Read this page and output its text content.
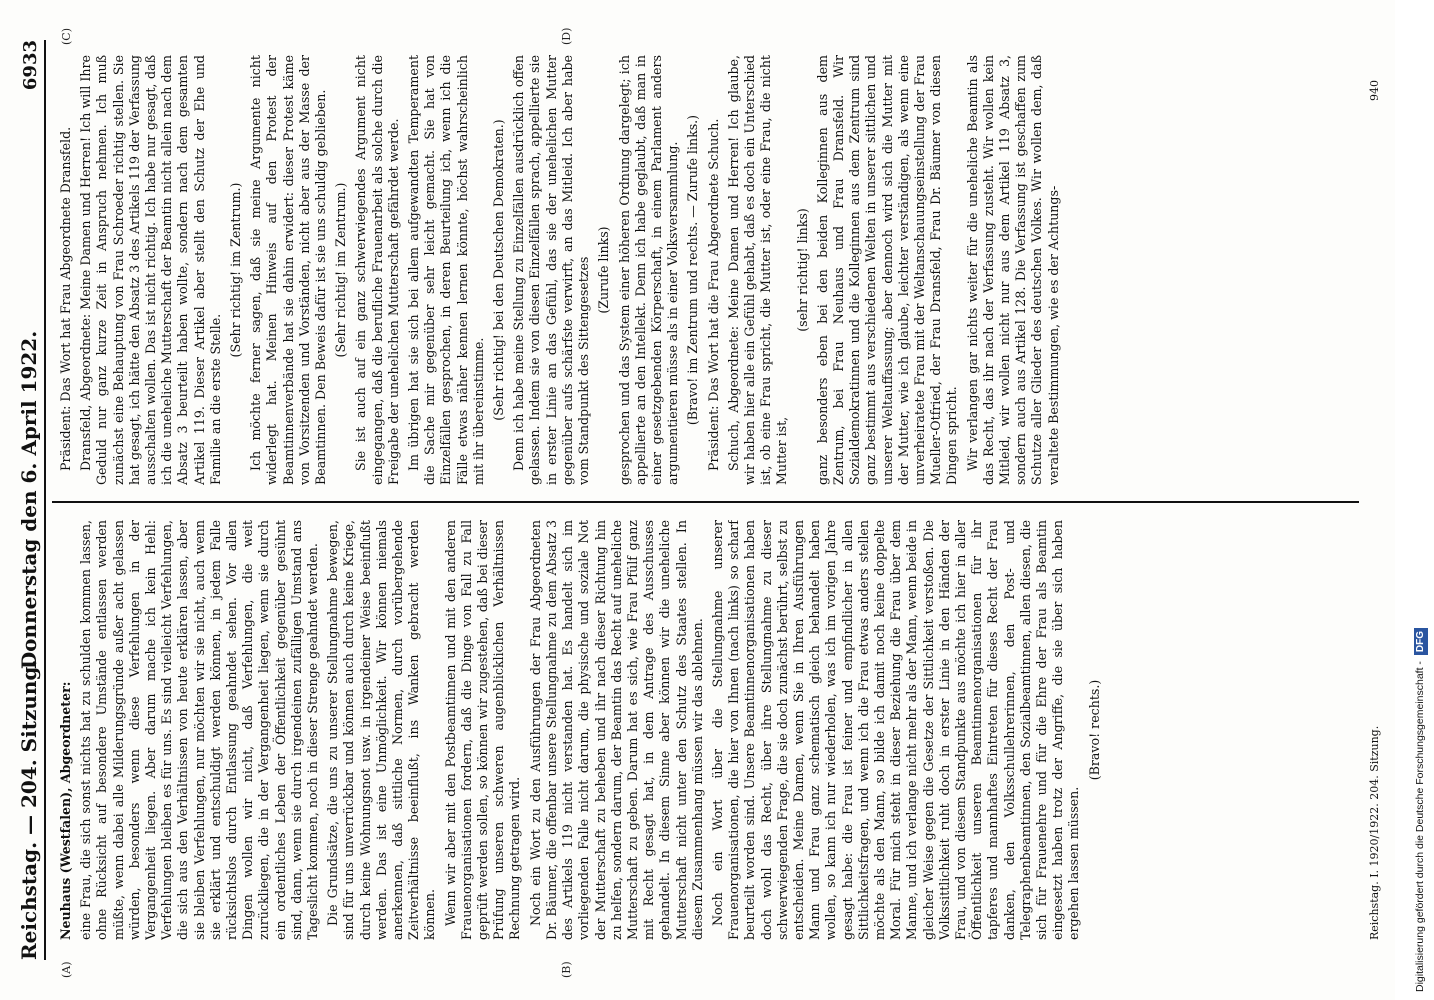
Reichstag. — 204. Sitzung.
Donnerstag den 6. April 1922.
6933
(A)	(B)
(C)	(D)

Neuhaus (Westfalen), Abgeordneter: eine Frau, die sich sonst nichts hat zu schulden kommen lassen, ohne Rücksicht auf besondere Umstände entlassen werden müßte, wenn dabei alle Milderungsgründe außer acht gelassen würden, besonders wenn diese Verfehlungen in der Vergangenheit liegen. Aber darum mache ich kein Hehl: Verfehlungen bleiben es für uns. Es sind vielleicht Verfehlungen, die sich aus den Verhältnissen von heute erklären lassen, aber sie bleiben Verfehlungen, nur möchten wir sie nicht, auch wenn sie erklärt und entschuldigt werden können, in jedem Falle rücksichtslos durch Entlassung geahndet sehen. Vor allen Dingen wollen wir nicht, daß Verfehlungen, die weit zurückliegen, die in der Vergangenheit liegen, wenn sie durch ein ordentliches Leben der Öffentlichkeit gegenüber gesühnt sind, dann, wenn sie durch irgendeinen zufälligen Umstand ans Tageslicht kommen, noch in dieser Strenge geahndet werden. Die Grundsätze, die uns zu unserer Stellungnahme bewegen, sind für uns unverrückbar und können auch durch keine Kriege, durch keine Wohnungsnot usw. in irgendeiner Weise beeinflußt werden. Das ist eine Unmöglichkeit. Wir können niemals anerkennen, daß sittliche Normen, durch vorübergehende Zeitverhältnisse beeinflußt, ins Wanken gebracht werden können. Wenn wir aber mit den Postbeamtinnen und mit den anderen Frauenorganisationen fordern, daß die Dinge von Fall zu Fall geprüft werden sollen, so können wir zugestehen, daß bei dieser Prüfung unseren schweren augenblicklichen Verhältnissen Rechnung getragen wird. Noch ein Wort zu den Ausführungen der Frau Abgeordneten Dr. Bäumer, die offenbar unsere Stellungnahme zu dem Absatz 3 des Artikels 119 nicht verstanden hat. Es handelt sich im vorliegenden Falle nicht darum, die physische und soziale Not der Mutterschaft zu beheben und ihr nach dieser Richtung hin zu helfen, sondern darum, der Beamtin das Recht auf uneheliche Mutterschaft zu geben. Darum hat es sich, wie Frau Pfülf ganz mit Recht gesagt hat, in dem Antrage des Ausschusses gehandelt. In diesem Sinne aber können wir die uneheliche Mutterschaft nicht unter den Schutz des Staates stellen. In diesem Zusammenhang müssen wir das ablehnen. Noch ein Wort über die Stellungnahme unserer Frauenorganisationen, die hier von Ihnen (nach links) so scharf beurteilt worden sind. Unsere Beamtinnenorganisationen haben doch wohl das Recht, über ihre Stellungnahme zu dieser schwerwiegenden Frage, die sie doch zunächst berührt, selbst zu entscheiden. Meine Damen, wenn Sie in Ihren Ausführungen Mann und Frau ganz schematisch gleich behandelt haben wollen, so kann ich nur wiederholen, was ich im vorigen Jahre gesagt habe: die Frau ist feiner und empfindlicher in allen Sittlichkeitsfragen, und wenn ich die Frau etwas anders stellen möchte als den Mann, so bilde ich damit noch keine doppelte Moral. Für mich steht in dieser Beziehung die Frau über dem Manne, und ich verlange nicht mehr als der Mann, wenn beide in gleicher Weise gegen die Gesetze der Sittlichkeit verstoßen. Die Volkssittlichkeit ruht doch in erster Linie in den Händen der Frau, und von diesem Standpunkte aus möchte ich hier in aller Öffentlichkeit unseren Beamtinnenorganisationen für ihr tapferes und mannhaftes Eintreten für dieses Recht der Frau danken, den Volksschullehrerinnen, den Post- und Telegraphenbeamtinnen, den Sozialbeamtinnen, allen diesen, die sich für Frauenehre und für die Ehre der Frau als Beamtin eingesetzt haben trotz der Angriffe, die sie über sich haben ergehen lassen müssen.

(Bravo! rechts.)

Präsident: Das Wort hat Frau Abgeordnete Dransfeld. Dransfeld, Abgeordnete: Meine Damen und Herren! Ich will Ihre Geduld nur ganz kurze Zeit in Anspruch nehmen. Ich muß zunächst eine Behauptung von Frau Schroeder richtig stellen. Sie hat gesagt, ich hätte den Absatz 3 des Artikels 119 der Verfassung ausschalten wollen. Das ist nicht richtig. Ich habe nur gesagt, daß ich die uneheliche Mutterschaft der Beamtin nicht allein nach dem Absatz 3 beurteilt haben wollte, sondern nach dem gesamten Artikel 119. Dieser Artikel aber stellt den Schutz der Ehe und Familie an die erste Stelle.

(Sehr richtig! im Zentrum.) Ich möchte ferner sagen, daß sie meine Argumente nicht widerlegt hat. Meinen Hinweis auf den Protest der Beamtinnenverbände hat sie dahin erwidert: dieser Protest käme von Vorsitzenden und Vorständen, nicht aber aus der Masse der Beamtinnen. Den Beweis dafür ist sie uns schuldig geblieben. (Sehr richtig! im Zentrum.) Sie ist auch auf ein ganz schwerwiegendes Argument nicht eingegangen, daß die berufliche Frauenarbeit als solche durch die Freigabe der unehelichen Mutterschaft gefährdet werde. Im übrigen hat sie sich bei allem aufgewandten Temperament die Sache mir gegenüber sehr leicht gemacht. Sie hat von Einzelfällen gesprochen, in deren Beurteilung ich, wenn ich die Fälle etwas näher kennen lernen könnte, höchst wahrscheinlich mit ihr übereinstimme. (Sehr richtig! bei den Deutschen Demokraten.) Denn ich habe meine Stellung zu Einzelfällen ausdrücklich offen gelassen. Indem sie von diesen Einzelfällen sprach, appellierte sie in erster Linie an das Gefühl, das sie der unehelichen Mutter gegenüber aufs schärfste verwirft, an das Mitleid. Ich aber habe vom Standpunkt des Sittengesetzes (Zurufe links) gesprochen und das System einer höheren Ordnung dargelegt; ich appellierte an den Intellekt. Denn ich habe geglaubt, daß man in einer gesetzgebenden Körperschaft, in einem Parlament anders argumentieren müsse als in einer Volksversammlung. (Bravo! im Zentrum und rechts. — Zurufe links.) Präsident: Das Wort hat die Frau Abgeordnete Schuch. Schuch, Abgeordnete: Meine Damen und Herren! Ich glaube, wir haben hier alle ein Gefühl gehabt, daß es doch ein Unterschied ist, ob eine Frau spricht, die Mutter ist, oder eine Frau, die nicht Mutter ist,

(sehr richtig! links) ganz besonders eben bei den beiden Kolleginnen aus dem Zentrum, bei Frau Neuhaus und Frau Dransfeld. Wir Sozialdemokratinnen und die Kolleginnen aus dem Zentrum sind ganz bestimmt aus verschiedenen Welten in unserer sittlichen und unserer Weltauffassung; aber dennoch wird sich die Mutter mit der Mutter, wie ich glaube, leichter verständigen, als wenn eine unverheiratete Frau mit der Weltanschauungseinstellung der Frau Mueller-Otfried, der Frau Dransfeld, Frau Dr. Bäumer von diesen Dingen spricht. Wir verlangen gar nichts weiter für die uneheliche Beamtin als das Recht, das ihr nach der Verfassung zusteht. Wir wollen kein Mitleid, wir wollen nicht nur aus dem Artikel 119 Absatz 3, sondern auch aus Artikel 128. Die Verfassung ist geschaffen zum Schutze aller Glieder des deutschen Volkes. Wir wollen dem, daß veraltete Bestimmungen, wie es der Achtungs-

Reichstag. I. 1920/1922. 204. Sitzung.
940
Digitalisierung gefördert durch die Deutsche Forschungsgemeinschaft -DFG
